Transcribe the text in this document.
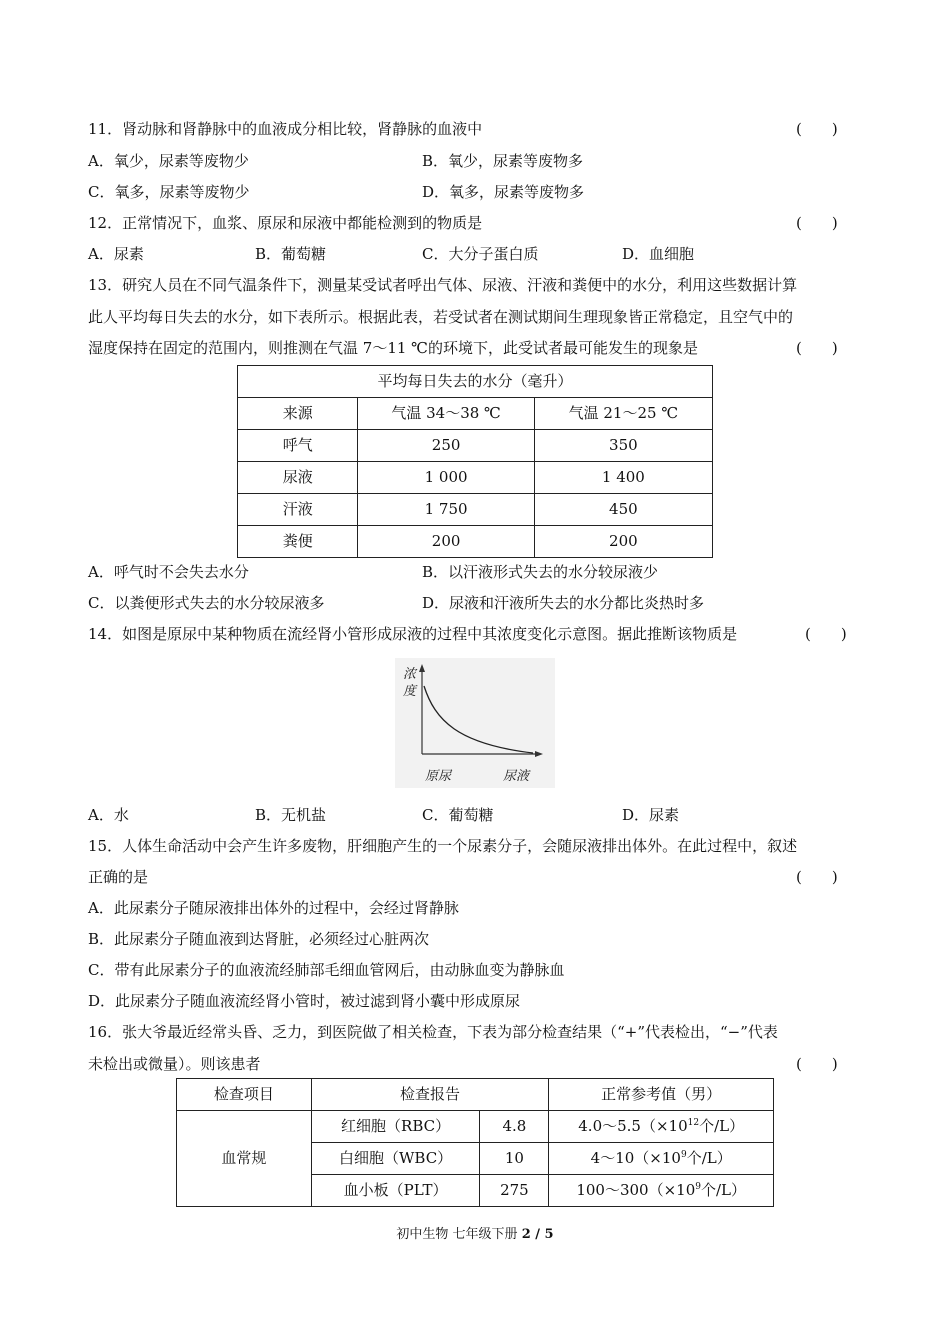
11．肾动脉和肾静脉中的血液成分相比较，肾静脉的血液中	(　　)
A．氧少，尿素等废物少	B．氧少，尿素等废物多
C．氧多，尿素等废物少	D．氧多，尿素等废物多
12．正常情况下，血浆、原尿和尿液中都能检测到的物质是	(　　)
A．尿素	B．葡萄糖	C．大分子蛋白质	D．血细胞
13．研究人员在不同气温条件下，测量某受试者呼出气体、尿液、汗液和粪便中的水分，利用这些数据计算
此人平均每日失去的水分，如下表所示。根据此表，若受试者在测试期间生理现象皆正常稳定，且空气中的
湿度保持在固定的范围内，则推测在气温 7～11 ℃的环境下，此受试者最可能发生的现象是	(　　)
平均每日失去的水分（毫升）		
来源	气温 34～38 ℃	气温 21～25 ℃
呼气	250	350
尿液	1 000	1 400
汗液	1 750	450
粪便	200	200
A．呼气时不会失去水分	B．以汗液形式失去的水分较尿液少
C．以粪便形式失去的水分较尿液多	D．尿液和汗液所失去的水分都比炎热时多
14．如图是原尿中某种物质在流经肾小管形成尿液的过程中其浓度变化示意图。据此推断该物质是	(　　)
浓
度
原尿	尿液
A．水	B．无机盐	C．葡萄糖	D．尿素
15．人体生命活动中会产生许多废物，肝细胞产生的一个尿素分子，会随尿液排出体外。在此过程中，叙述
正确的是	(　　)
A．此尿素分子随尿液排出体外的过程中，会经过肾静脉
B．此尿素分子随血液到达肾脏，必须经过心脏两次
C．带有此尿素分子的血液流经肺部毛细血管网后，由动脉血变为静脉血
D．此尿素分子随血液流经肾小管时，被过滤到肾小囊中形成原尿
16．张大爷最近经常头昏、乏力，到医院做了相关检查，下表为部分检查结果（“+”代表检出，“−”代表
未检出或微量）。则该患者	(　　)
检查项目	检查报告		正常参考值（男）
血常规	红细胞（RBC）	4.8	$4.0\sim 5.5(\times 10^{12}$个/L）
	白细胞（WBC）	10	$4\sim 10(\times 10^9$个/L）
	血小板（PLT）	275	$100\sim 300(\times 10^9$个/L）
初中生物 七年级下册 2 / 5
